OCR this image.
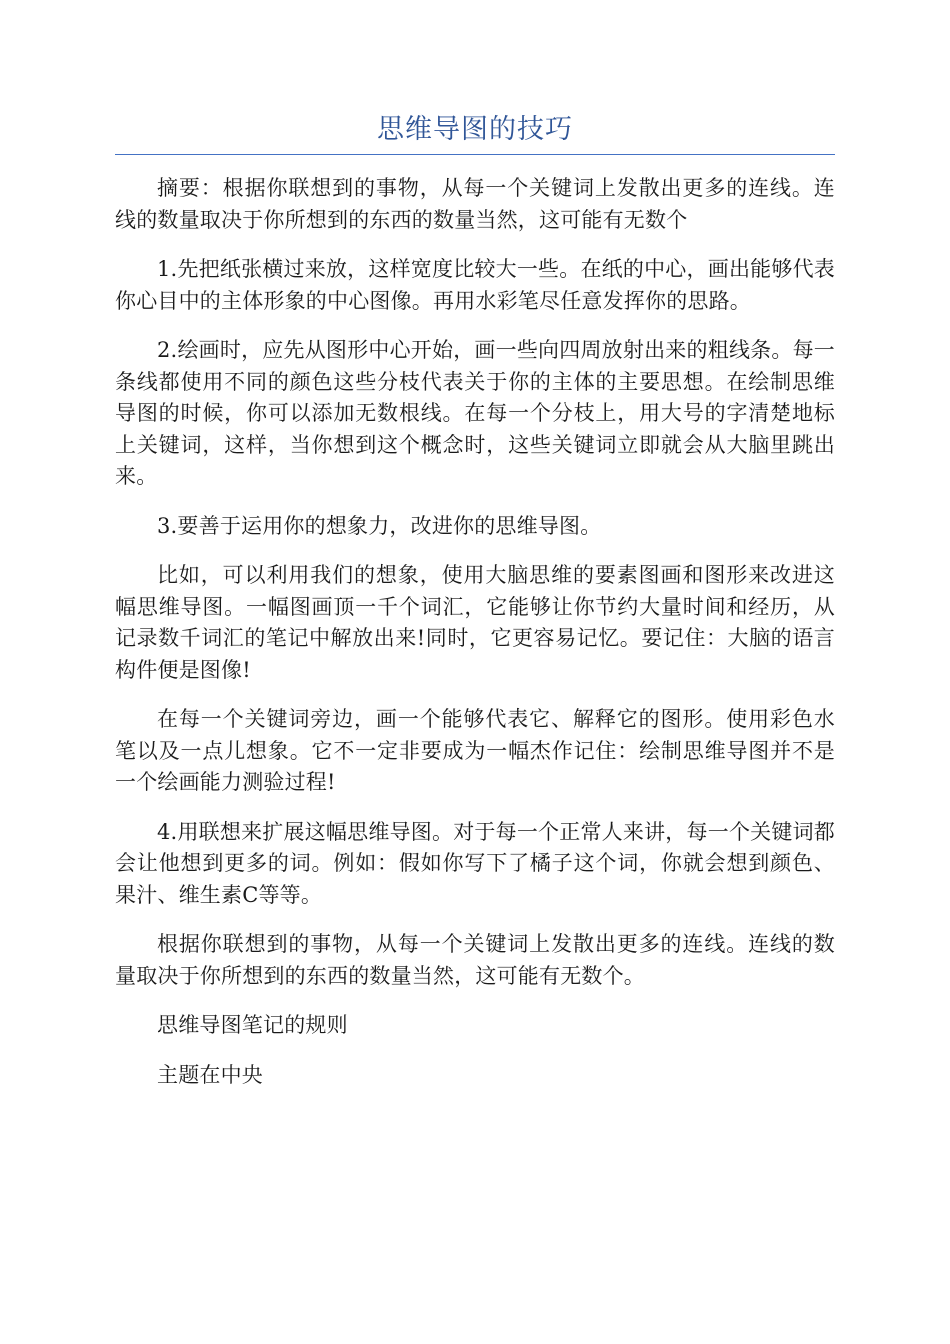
思维导图的技巧

摘要：根据你联想到的事物，从每一个关键词上发散出更多的连线。连线的数量取决于你所想到的东西的数量当然，这可能有无数个

1.先把纸张横过来放，这样宽度比较大一些。在纸的中心，画出能够代表你心目中的主体形象的中心图像。再用水彩笔尽任意发挥你的思路。

2.绘画时，应先从图形中心开始，画一些向四周放射出来的粗线条。每一条线都使用不同的颜色这些分枝代表关于你的主体的主要思想。在绘制思维导图的时候，你可以添加无数根线。在每一个分枝上，用大号的字清楚地标上关键词，这样，当你想到这个概念时，这些关键词立即就会从大脑里跳出来。

3.要善于运用你的想象力，改进你的思维导图。

比如，可以利用我们的想象，使用大脑思维的要素图画和图形来改进这幅思维导图。一幅图画顶一千个词汇，它能够让你节约大量时间和经历，从记录数千词汇的笔记中解放出来!同时，它更容易记忆。要记住：大脑的语言构件便是图像!

在每一个关键词旁边，画一个能够代表它、解释它的图形。使用彩色水笔以及一点儿想象。它不一定非要成为一幅杰作记住：绘制思维导图并不是一个绘画能力测验过程!

4.用联想来扩展这幅思维导图。对于每一个正常人来讲，每一个关键词都会让他想到更多的词。例如：假如你写下了橘子这个词，你就会想到颜色、果汁、维生素C等等。

根据你联想到的事物，从每一个关键词上发散出更多的连线。连线的数量取决于你所想到的东西的数量当然，这可能有无数个。

思维导图笔记的规则

主题在中央
